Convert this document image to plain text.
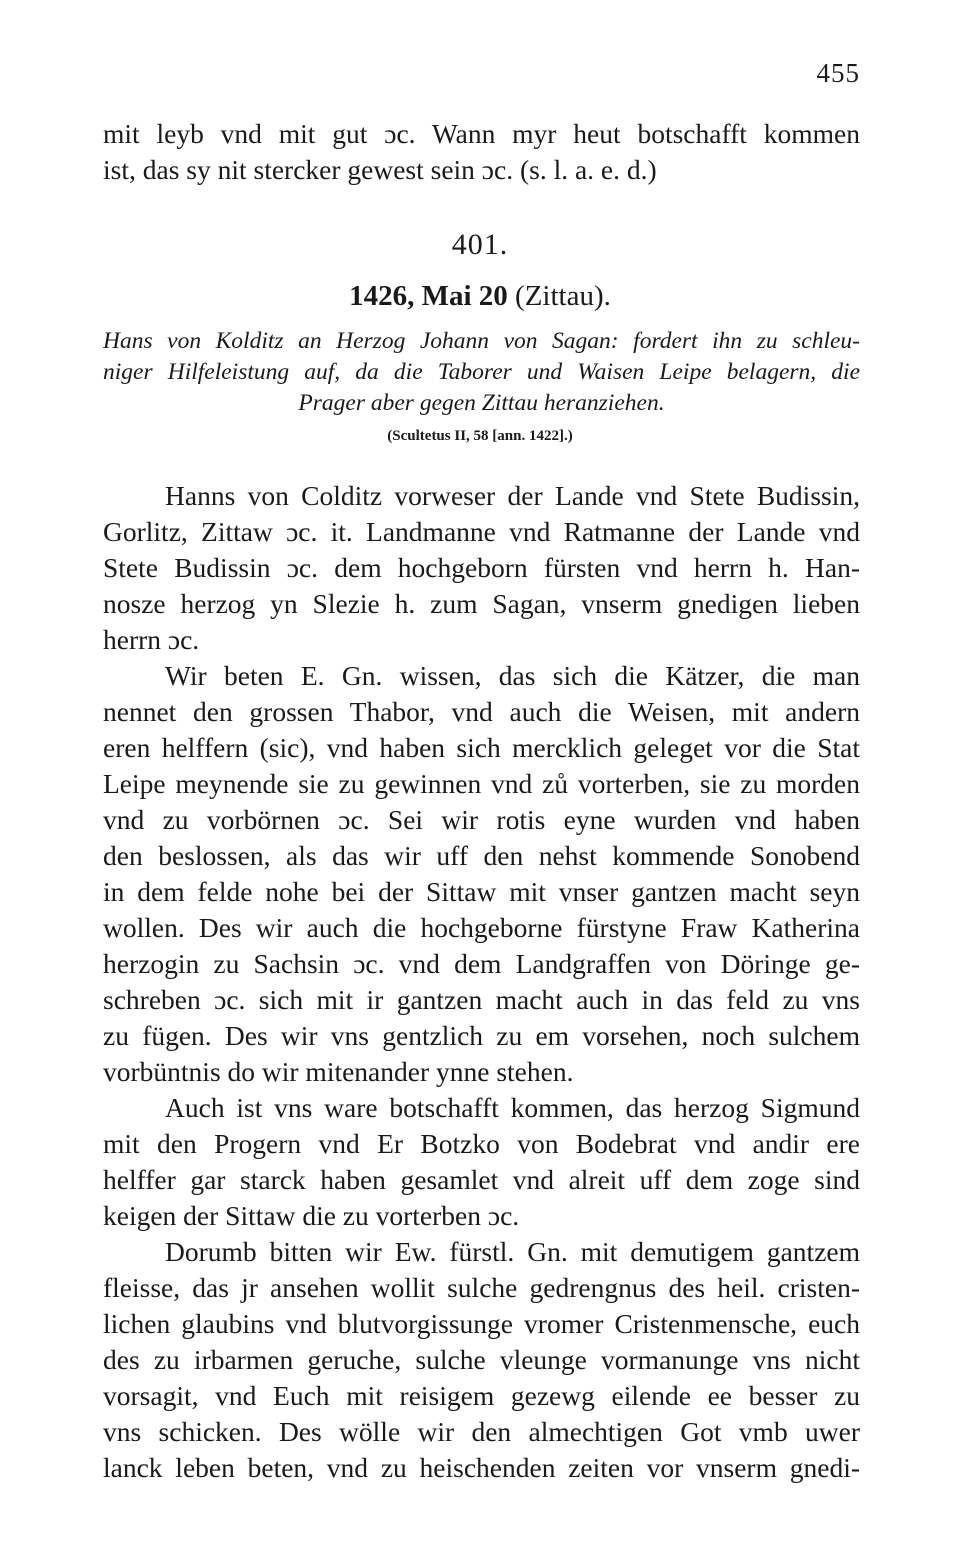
455
mit leyb vnd mit gut ɔc. Wann myr heut botschafft kommen
ist, das sy nit stercker gewest sein ɔc. (s. l. a. e. d.)
401.
1426, Mai 20 (Zittau).
Hans von Kolditz an Herzog Johann von Sagan: fordert ihn zu schleu-
niger Hilfeleistung auf, da die Taborer und Waisen Leipe belagern, die
Prager aber gegen Zittau heranziehen.
(Scultetus II, 58 [ann. 1422].)
Hanns von Colditz vorweser der Lande vnd Stete Budissin,
Gorlitz, Zittaw ɔc. it. Landmanne vnd Ratmanne der Lande vnd
Stete Budissin ɔc. dem hochgeborn fürsten vnd herrn h. Han-
nosze herzog yn Slezie h. zum Sagan, vnserm gnedigen lieben
herrn ɔc.
Wir beten E. Gn. wissen, das sich die Kätzer, die man
nennet den grossen Thabor, vnd auch die Weisen, mit andern
eren helffern (sic), vnd haben sich mercklich geleget vor die Stat
Leipe meynende sie zu gewinnen vnd zů vorterben, sie zu morden
vnd zu vorbörnen ɔc. Sei wir rotis eyne wurden vnd haben
den beslossen, als das wir uff den nehst kommende Sonobend
in dem felde nohe bei der Sittaw mit vnser gantzen macht seyn
wollen. Des wir auch die hochgeborne fürstyne Fraw Katherina
herzogin zu Sachsin ɔc. vnd dem Landgraffen von Döringe ge-
schreben ɔc. sich mit ir gantzen macht auch in das feld zu vns
zu fügen. Des wir vns gentzlich zu em vorsehen, noch sulchem
vorbüntnis do wir mitenander ynne stehen.
Auch ist vns ware botschafft kommen, das herzog Sigmund
mit den Progern vnd Er Botzko von Bodebrat vnd andir ere
helffer gar starck haben gesamlet vnd alreit uff dem zoge sind
keigen der Sittaw die zu vorterben ɔc.
Dorumb bitten wir Ew. fürstl. Gn. mit demutigem gantzem
fleisse, das jr ansehen wollit sulche gedrengnus des heil. cristen-
lichen glaubins vnd blutvorgissunge vromer Cristenmensche, euch
des zu irbarmen geruche, sulche vleunge vormanunge vns nicht
vorsagit, vnd Euch mit reisigem gezewg eilende ee besser zu
vns schicken. Des wölle wir den almechtigen Got vmb uwer
lanck leben beten, vnd zu heischenden zeiten vor vnserm gnedi-
